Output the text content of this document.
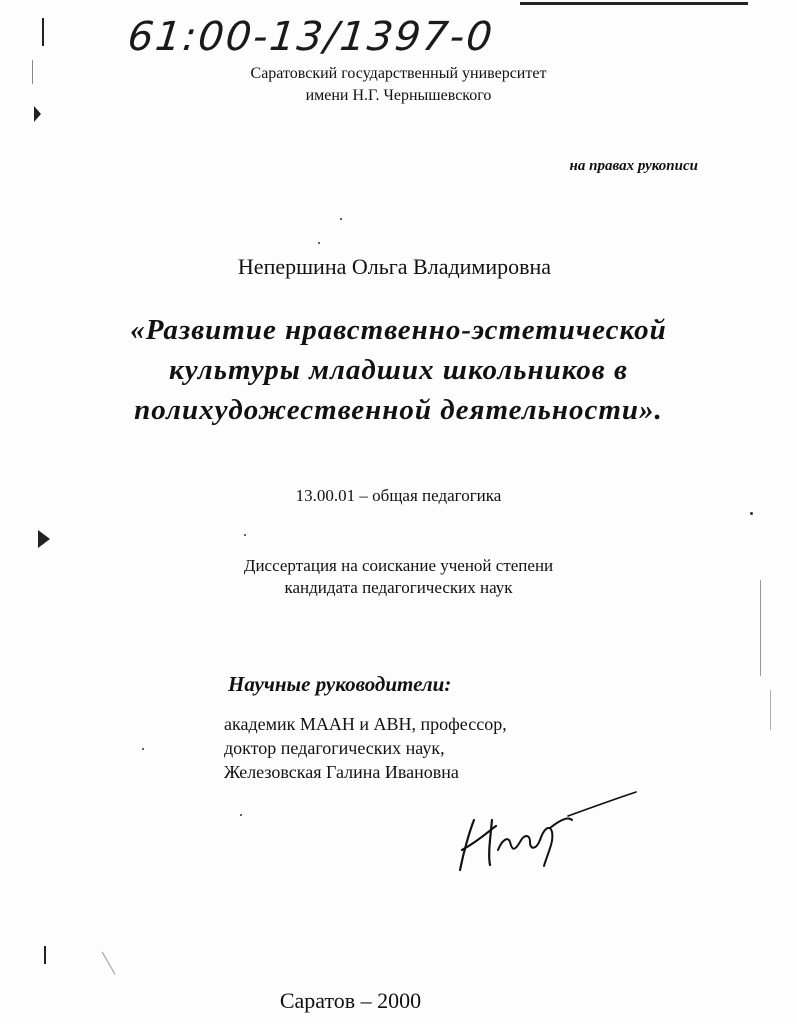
61:00-13/1397-0
Саратовский государственный университет
имени Н.Г. Чернышевского
на правах рукописи
Непершина Ольга Владимировна
«Развитие нравственно-эстетической
культуры младших школьников в
полихудожественной деятельности».
13.00.01 – общая педагогика
Диссертация на соискание ученой степени
кандидата педагогических наук
Научные руководители:
академик МААН и АВН, профессор,
доктор педагогических наук,
Железовская Галина Ивановна
Саратов – 2000
